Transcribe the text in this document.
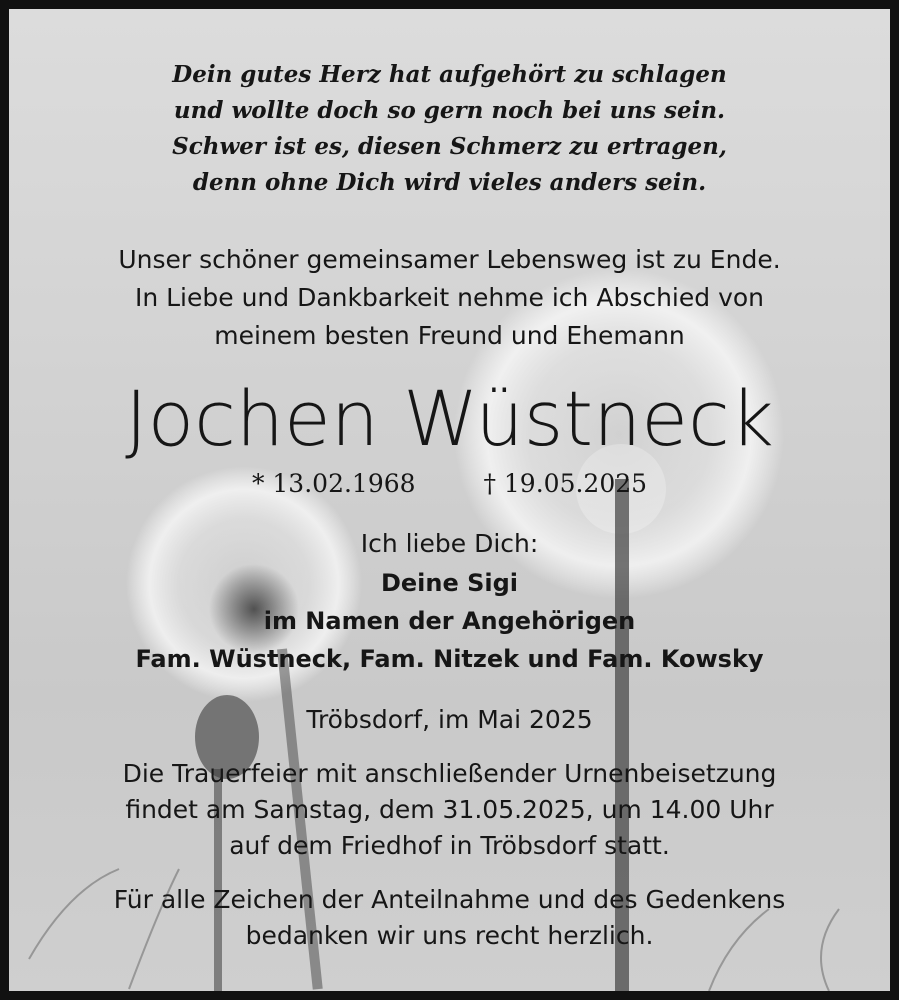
Dein gutes Herz hat aufgehört zu schlagen
und wollte doch so gern noch bei uns sein.
Schwer ist es, diesen Schmerz zu ertragen,
denn ohne Dich wird vieles anders sein.
Unser schöner gemeinsamer Lebensweg ist zu Ende.
In Liebe und Dankbarkeit nehme ich Abschied von
meinem besten Freund und Ehemann
Jochen Wüstneck
* 13.02.1968	† 19.05.2025
Ich liebe Dich:
Deine Sigi
im Namen der Angehörigen
Fam. Wüstneck, Fam. Nitzek und Fam. Kowsky
Tröbsdorf, im Mai 2025
Die Trauerfeier mit anschließender Urnenbeisetzung
findet am Samstag, dem 31.05.2025, um 14.00 Uhr
auf dem Friedhof in Tröbsdorf statt.
Für alle Zeichen der Anteilnahme und des Gedenkens
bedanken wir uns recht herzlich.
